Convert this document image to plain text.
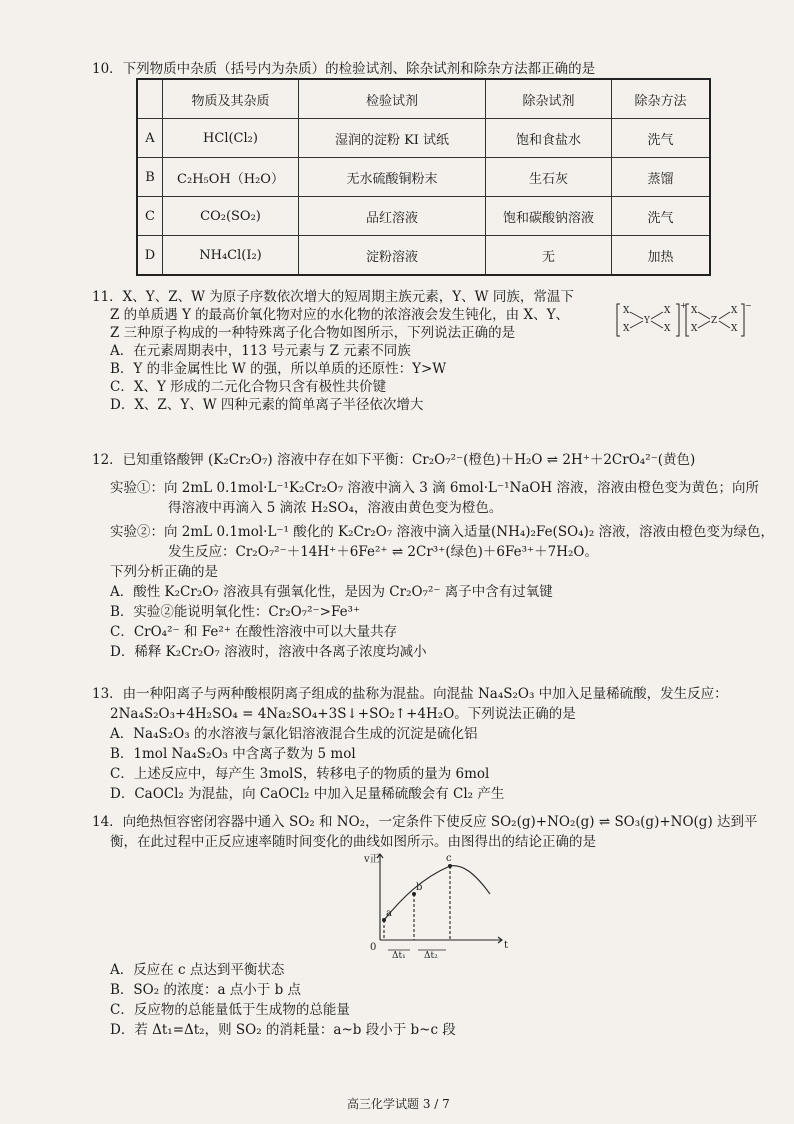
10．下列物质中杂质（括号内为杂质）的检验试剂、除杂试剂和除杂方法都正确的是
	物质及其杂质	检验试剂	除杂试剂	除杂方法
A	HCl(Cl₂)	湿润的淀粉 KI 试纸	饱和食盐水	洗气
B	C₂H₅OH（H₂O）	无水硫酸铜粉末	生石灰	蒸馏
C	CO₂(SO₂)	品红溶液	饱和碳酸钠溶液	洗气
D	NH₄Cl(I₂)	淀粉溶液	无	加热
11．X、Y、Z、W 为原子序数依次增大的短周期主族元素，Y、W 同族，常温下
Z 的单质遇 Y 的最高价氧化物对应的水化物的浓溶液会发生钝化，由 X、Y、
Z 三种原子构成的一种特殊离子化合物如图所示，下列说法正确的是
A．在元素周期表中，113 号元素与 Z 元素不同族
B．Y 的非金属性比 W 的强，所以单质的还原性：Y>W
C．X、Y 形成的二元化合物只含有极性共价键
D．X、Z、Y、W 四种元素的简单离子半径依次增大
X
X
X
X
Y
+
X
X
X
X
Z
−
12．已知重铬酸钾 (K₂Cr₂O₇) 溶液中存在如下平衡：Cr₂O₇²⁻(橙色)＋H₂O ⇌ 2H⁺＋2CrO₄²⁻(黄色)
实验①：向 2mL 0.1mol·L⁻¹K₂Cr₂O₇ 溶液中滴入 3 滴 6mol·L⁻¹NaOH 溶液，溶液由橙色变为黄色；向所
得溶液中再滴入 5 滴浓 H₂SO₄，溶液由黄色变为橙色。
实验②：向 2mL 0.1mol·L⁻¹ 酸化的 K₂Cr₂O₇ 溶液中滴入适量(NH₄)₂Fe(SO₄)₂ 溶液，溶液由橙色变为绿色，
发生反应：Cr₂O₇²⁻＋14H⁺＋6Fe²⁺ ⇌ 2Cr³⁺(绿色)＋6Fe³⁺＋7H₂O。
下列分析正确的是
A．酸性 K₂Cr₂O₇ 溶液具有强氧化性，是因为 Cr₂O₇²⁻ 离子中含有过氧键
B．实验②能说明氧化性：Cr₂O₇²⁻>Fe³⁺
C．CrO₄²⁻ 和 Fe²⁺ 在酸性溶液中可以大量共存
D．稀释 K₂Cr₂O₇ 溶液时，溶液中各离子浓度均减小
13．由一种阳离子与两种酸根阴离子组成的盐称为混盐。向混盐 Na₄S₂O₃ 中加入足量稀硫酸，发生反应：
2Na₄S₂O₃+4H₂SO₄ = 4Na₂SO₄+3S↓+SO₂↑+4H₂O。下列说法正确的是
A．Na₄S₂O₃ 的水溶液与氯化铝溶液混合生成的沉淀是硫化铝
B．1mol Na₄S₂O₃ 中含离子数为 5 mol
C．上述反应中，每产生 3molS，转移电子的物质的量为 6mol
D．CaOCl₂ 为混盐，向 CaOCl₂ 中加入足量稀硫酸会有 Cl₂ 产生
14．向绝热恒容密闭容器中通入 SO₂ 和 NO₂，一定条件下使反应 SO₂(g)+NO₂(g) ⇌ SO₃(g)+NO(g) 达到平
衡，在此过程中正反应速率随时间变化的曲线如图所示。由图得出的结论正确的是
v正
t
0
a
b
c
Δt₁ Δt₂
A．反应在 c 点达到平衡状态
B．SO₂ 的浓度：a 点小于 b 点
C．反应物的总能量低于生成物的总能量
D．若 Δt₁=Δt₂，则 SO₂ 的消耗量：a~b 段小于 b~c 段
高三化学试题 3 / 7
